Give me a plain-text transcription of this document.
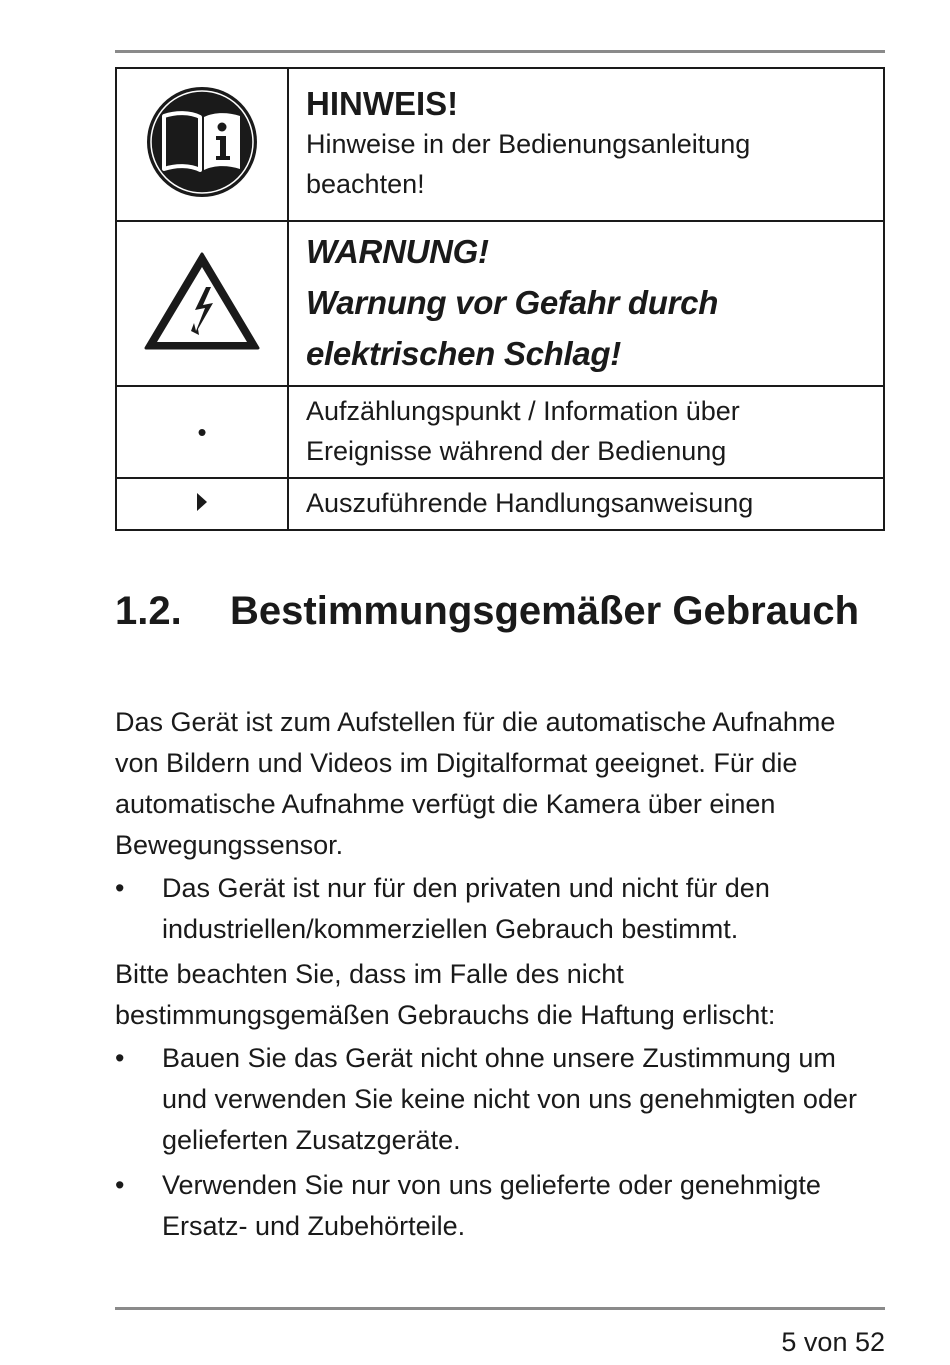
HINWEIS!
Hinweise in der Bedienungsanleitung beachten!

WARNUNG!
Warnung vor Gefahr durch elektrischen Schlag!

•	Aufzählungspunkt / Information über Ereignisse während der Bedienung

Auszuführende Handlungsanweisung
1.2. Bestimmungsgemäßer Gebrauch

Das Gerät ist zum Aufstellen für die automatische Aufnahme von Bildern und Videos im Digitalformat geeignet. Für die automatische Aufnahme verfügt die Kamera über einen Bewegungssensor.

•	Das Gerät ist nur für den privaten und nicht für den industriellen/kommerziellen Gebrauch bestimmt.

Bitte beachten Sie, dass im Falle des nicht bestimmungsgemäßen Gebrauchs die Haftung erlischt:

•	Bauen Sie das Gerät nicht ohne unsere Zustimmung um und verwenden Sie keine nicht von uns genehmigten oder gelieferten Zusatzgeräte.
•	Verwenden Sie nur von uns gelieferte oder genehmigte Ersatz- und Zubehörteile.
5 von 52
